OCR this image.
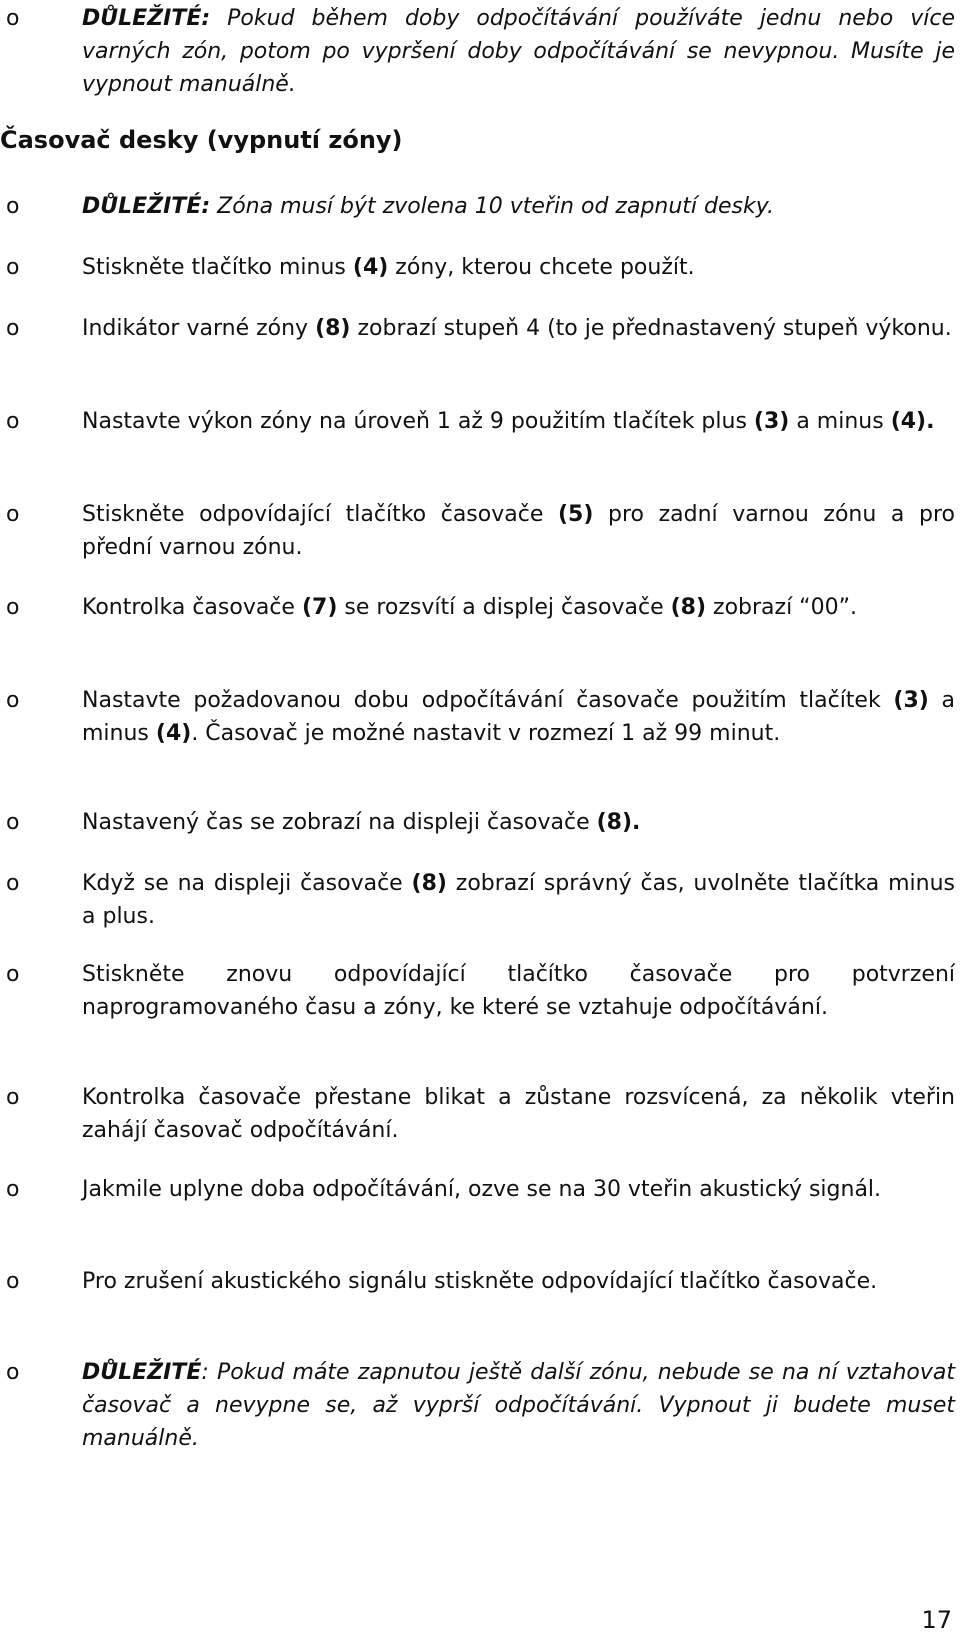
o	DŮLEŽITÉ: Pokud během doby odpočítávání používáte jednu nebo více varných zón, potom po vypršení doby odpočítávání se nevypnou. Musíte je vypnout manuálně.
Časovač desky (vypnutí zóny)
o	DŮLEŽITÉ: Zóna musí být zvolena 10 vteřin od zapnutí desky.
o	Stiskněte tlačítko minus (4) zóny, kterou chcete použít.
o	Indikátor varné zóny (8) zobrazí stupeň 4 (to je přednastavený stupeň výkonu.
o	Nastavte výkon zóny na úroveň 1 až 9 použitím tlačítek plus (3) a minus (4).
o	Stiskněte odpovídající tlačítko časovače (5) pro zadní varnou zónu a pro přední varnou zónu.
o	Kontrolka časovače (7) se rozsvítí a displej časovače (8) zobrazí “00”.
o	Nastavte požadovanou dobu odpočítávání časovače použitím tlačítek (3) a minus (4). Časovač je možné nastavit v rozmezí 1 až 99 minut.
o	Nastavený čas se zobrazí na displeji časovače (8).
o	Když se na displeji časovače (8) zobrazí správný čas, uvolněte tlačítka minus a plus.
o	Stiskněte znovu odpovídající tlačítko časovače pro potvrzení naprogramovaného času a zóny, ke které se vztahuje odpočítávání.
o	Kontrolka časovače přestane blikat a zůstane rozsvícená, za několik vteřin zahájí časovač odpočítávání.
o	Jakmile uplyne doba odpočítávání, ozve se na 30 vteřin akustický signál.
o	Pro zrušení akustického signálu stiskněte odpovídající tlačítko časovače.
o	DŮLEŽITÉ: Pokud máte zapnutou ještě další zónu, nebude se na ní vztahovat časovač a nevypne se, až vyprší odpočítávání. Vypnout ji budete muset manuálně.
17
